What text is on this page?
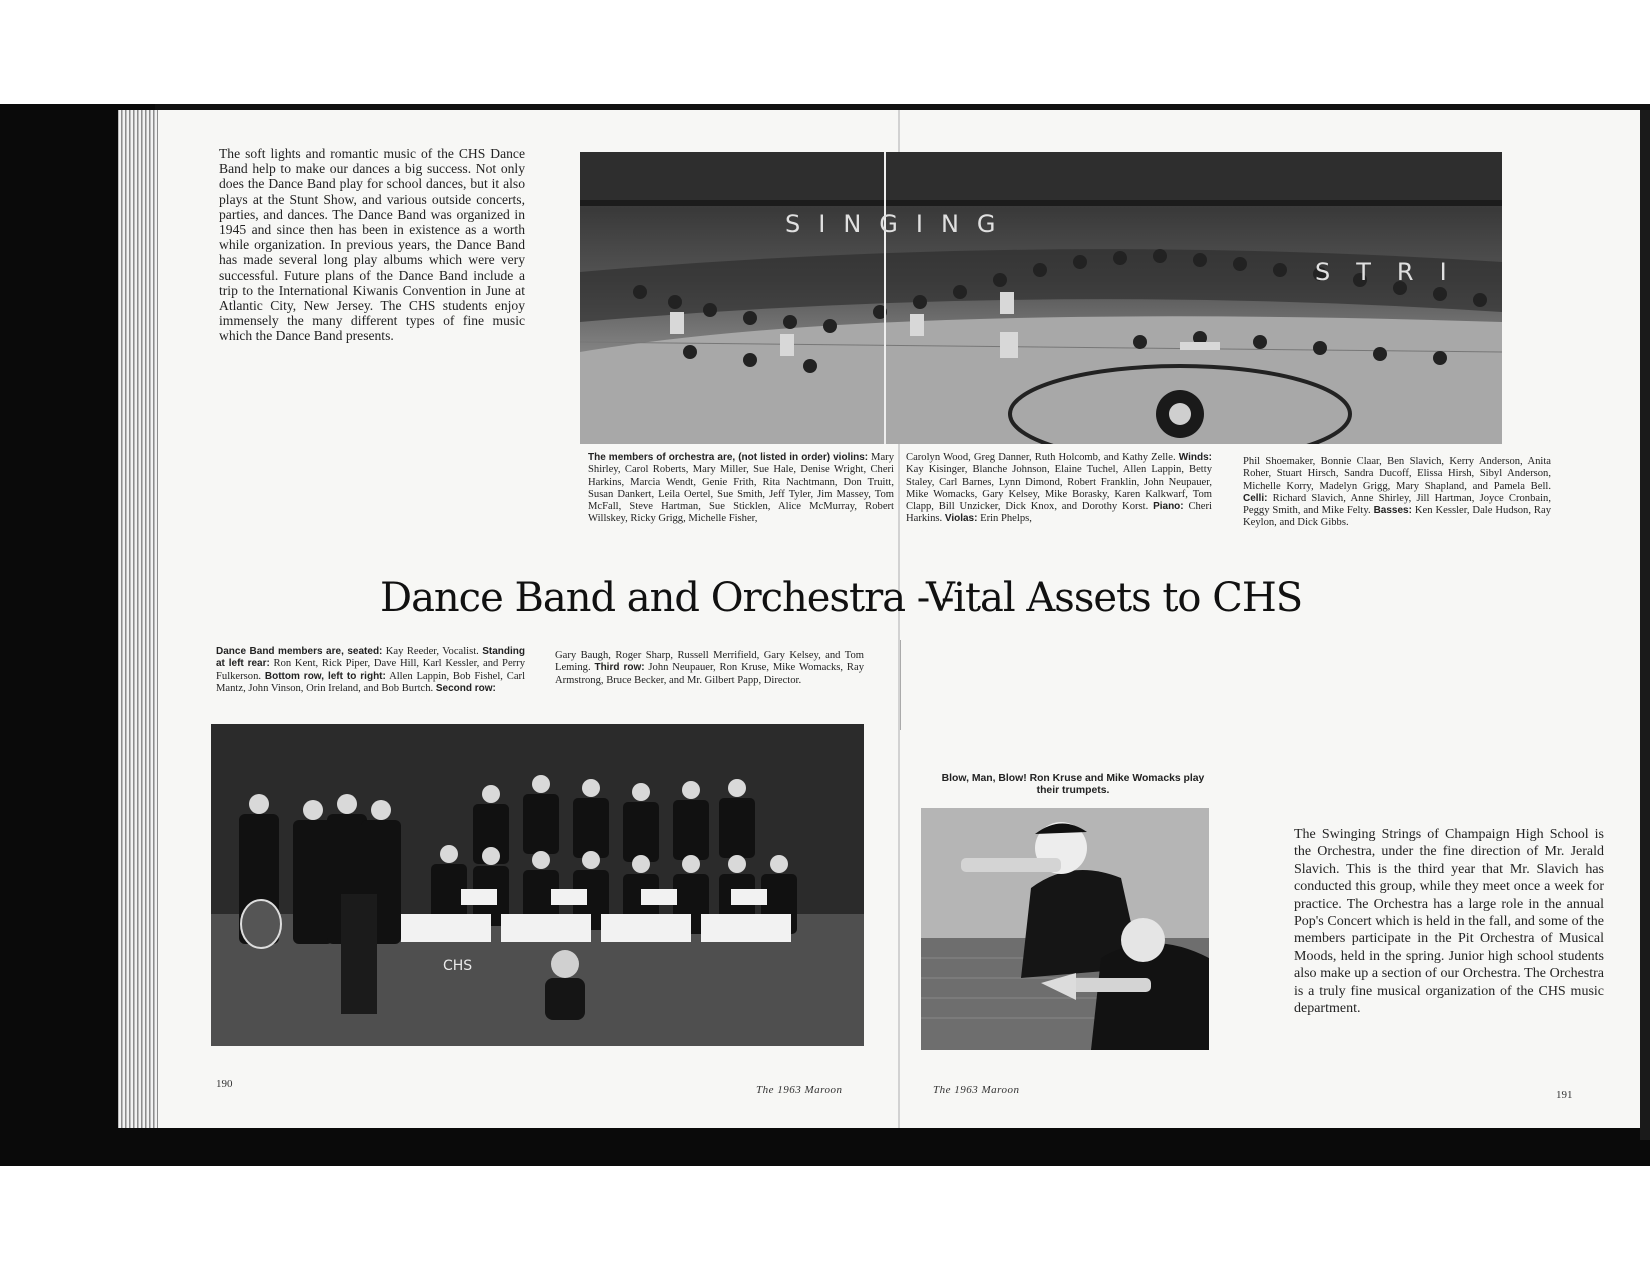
The soft lights and romantic music of the CHS Dance Band help to make our dances a big success. Not only does the Dance Band play for school dances, but it also plays at the Stunt Show, and various outside concerts, parties, and dances. The Dance Band was organized in 1945 and since then has been in existence as a worth while organization. In previous years, the Dance Band has made several long play albums which were very successful. Future plans of the Dance Band include a trip to the International Kiwanis Convention in June at Atlantic City, New Jersey. The CHS students enjoy immensely the many different types of fine music which the Dance Band presents.
SINGING
STRI
The members of orchestra are, (not listed in order) violins: Mary Shirley, Carol Roberts, Mary Miller, Sue Hale, Denise Wright, Cheri Harkins, Marcia Wendt, Genie Frith, Rita Nachtmann, Don Truitt, Susan Dankert, Leila Oertel, Sue Smith, Jeff Tyler, Jim Massey, Tom McFall, Steve Hartman, Sue Sticklen, Alice McMurray, Robert Willskey, Ricky Grigg, Michelle Fisher,
Carolyn Wood, Greg Danner, Ruth Holcomb, and Kathy Zelle. Winds: Kay Kisinger, Blanche Johnson, Elaine Tuchel, Allen Lappin, Betty Staley, Carl Barnes, Lynn Dimond, Robert Franklin, John Neupauer, Mike Womacks, Gary Kelsey, Mike Borasky, Karen Kalkwarf, Tom Clapp, Bill Unzicker, Dick Knox, and Dorothy Korst. Piano: Cheri Harkins. Violas: Erin Phelps,
Phil Shoemaker, Bonnie Claar, Ben Slavich, Kerry Anderson, Anita Roher, Stuart Hirsch, Sandra Ducoff, Elissa Hirsh, Sibyl Anderson, Michelle Korry, Madelyn Grigg, Mary Shapland, and Pamela Bell. Celli: Richard Slavich, Anne Shirley, Jill Hartman, Joyce Cronbain, Peggy Smith, and Mike Felty. Basses: Ken Kessler, Dale Hudson, Ray Keylon, and Dick Gibbs.
Dance Band and Orchestra - -
Vital Assets to CHS
Dance Band members are, seated: Kay Reeder, Vocalist. Standing at left rear: Ron Kent, Rick Piper, Dave Hill, Karl Kessler, and Perry Fulkerson. Bottom row, left to right: Allen Lappin, Bob Fishel, Carl Mantz, John Vinson, Orin Ireland, and Bob Burtch. Second row:
Gary Baugh, Roger Sharp, Russell Merrifield, Gary Kelsey, and Tom Leming. Third row: John Neupauer, Ron Kruse, Mike Womacks, Ray Armstrong, Bruce Becker, and Mr. Gilbert Papp, Director.
CHS
Blow, Man, Blow! Ron Kruse and Mike Womacks play their trumpets.
The Swinging Strings of Champaign High School is the Orchestra, under the fine direction of Mr. Jerald Slavich. This is the third year that Mr. Slavich has conducted this group, while they meet once a week for practice. The Orchestra has a large role in the annual Pop's Concert which is held in the fall, and some of the members participate in the Pit Orchestra of Musical Moods, held in the spring. Junior high school students also make up a section of our Orchestra. The Orchestra is a truly fine musical organization of the CHS music department.
190	The 1963 Maroon	The 1963 Maroon	191
